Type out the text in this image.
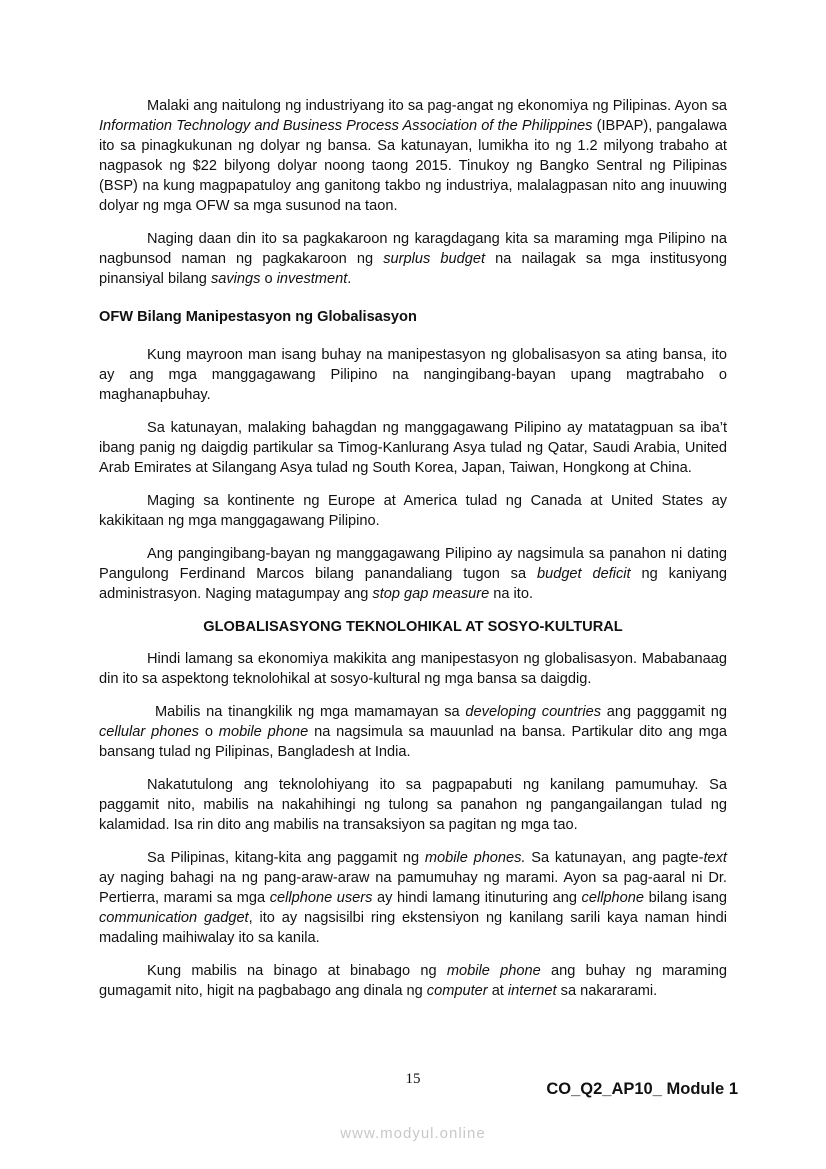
Malaki ang naitulong ng industriyang ito sa pag-angat ng ekonomiya ng Pilipinas. Ayon sa Information Technology and Business Process Association of the Philippines (IBPAP), pangalawa ito sa pinagkukunan ng dolyar ng bansa. Sa katunayan, lumikha ito ng 1.2 milyong trabaho at nagpasok ng $22 bilyong dolyar noong taong 2015. Tinukoy ng Bangko Sentral ng Pilipinas (BSP) na kung magpapatuloy ang ganitong takbo ng industriya, malalagpasan nito ang inuuwing dolyar ng mga OFW sa mga susunod na taon.

Naging daan din ito sa pagkakaroon ng karagdagang kita sa maraming mga Pilipino na nagbunsod naman ng pagkakaroon ng surplus budget na nailagak sa mga institusyong pinansiyal bilang savings o investment.

OFW Bilang Manipestasyon ng Globalisasyon

Kung mayroon man isang buhay na manipestasyon ng globalisasyon sa ating bansa, ito ay ang mga manggagawang Pilipino na nangingibang-bayan upang magtrabaho o maghanapbuhay.

Sa katunayan, malaking bahagdan ng manggagawang Pilipino ay matatagpuan sa iba’t ibang panig ng daigdig partikular sa Timog-Kanlurang Asya tulad ng Qatar, Saudi Arabia, United Arab Emirates at Silangang Asya tulad ng South Korea, Japan, Taiwan, Hongkong at China.

Maging sa kontinente ng Europe at America tulad ng Canada at United States ay kakikitaan ng mga manggagawang Pilipino.

Ang pangingibang-bayan ng manggagawang Pilipino ay nagsimula sa panahon ni dating Pangulong Ferdinand Marcos bilang panandaliang tugon sa budget deficit ng kaniyang administrasyon. Naging matagumpay ang stop gap measure na ito.

GLOBALISASYONG TEKNOLOHIKAL AT SOSYO-KULTURAL

Hindi lamang sa ekonomiya makikita ang manipestasyon ng globalisasyon. Mababanaag din ito sa aspektong teknolohikal at sosyo-kultural ng mga bansa sa daigdig.

Mabilis na tinangkilik ng mga mamamayan sa developing countries ang pagggamit ng cellular phones o mobile phone na nagsimula sa mauunlad na bansa. Partikular dito ang mga bansang tulad ng Pilipinas, Bangladesh at India.

Nakatutulong ang teknolohiyang ito sa pagpapabuti ng kanilang pamumuhay. Sa paggamit nito, mabilis na nakahihingi ng tulong sa panahon ng pangangailangan tulad ng kalamidad. Isa rin dito ang mabilis na transaksiyon sa pagitan ng mga tao.

Sa Pilipinas, kitang-kita ang paggamit ng mobile phones. Sa katunayan, ang pagte-text ay naging bahagi na ng pang-araw-araw na pamumuhay ng marami. Ayon sa pag-aaral ni Dr. Pertierra, marami sa mga cellphone users ay hindi lamang itinuturing ang cellphone bilang isang communication gadget, ito ay nagsisilbi ring ekstensiyon ng kanilang sarili kaya naman hindi madaling maihiwalay ito sa kanila.

Kung mabilis na binago at binabago ng mobile phone ang buhay ng maraming gumagamit nito, higit na pagbabago ang dinala ng computer at internet sa nakararami.

15
CO_Q2_AP10_ Module 1
www.modyul.online
